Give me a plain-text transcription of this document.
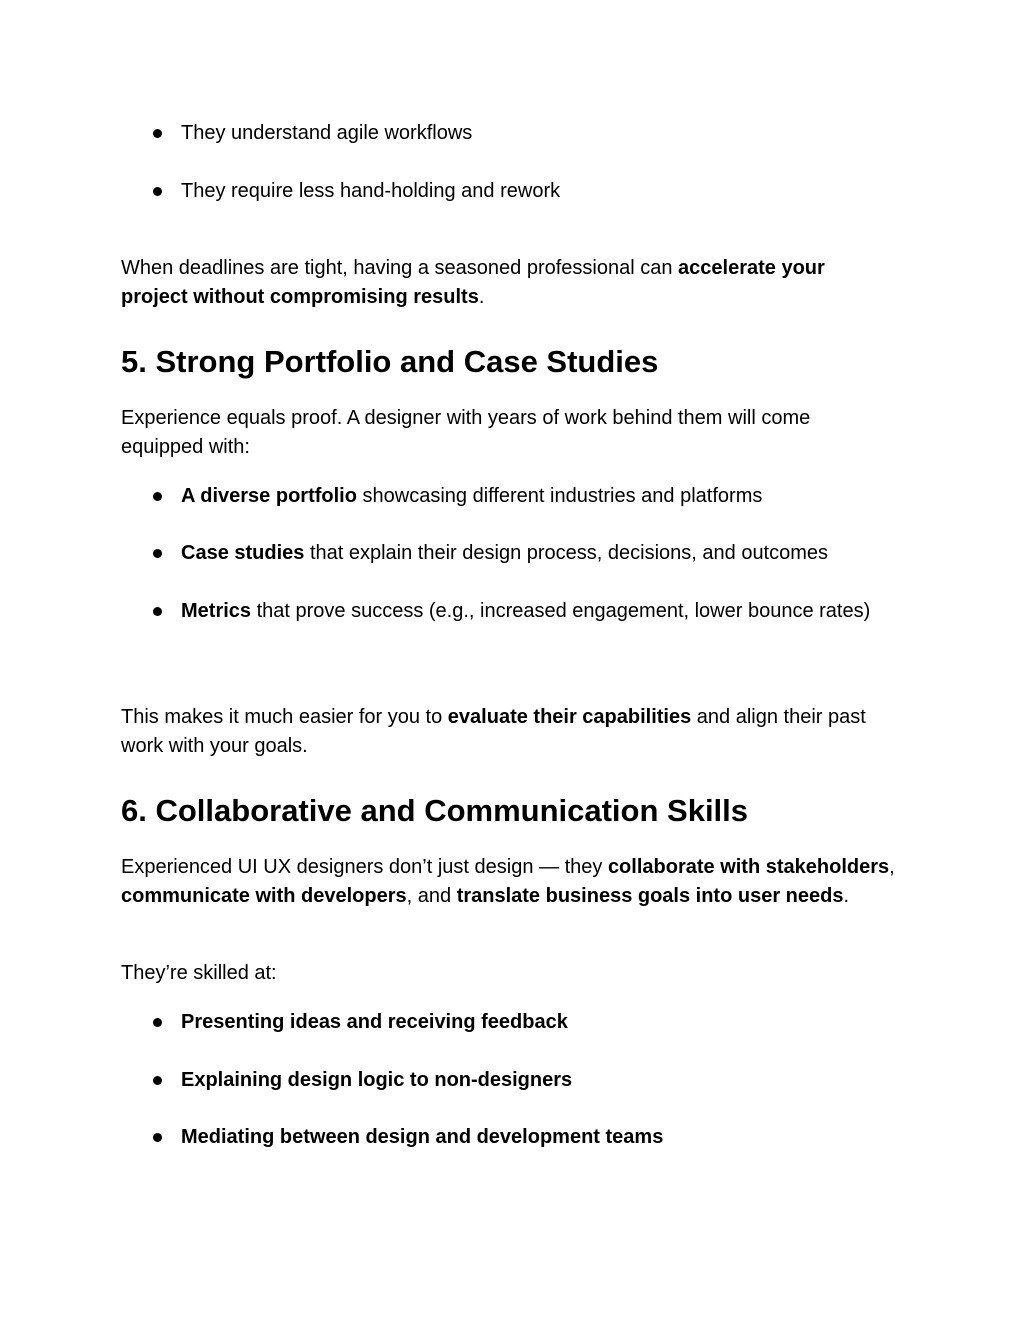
They understand agile workflows
They require less hand-holding and rework

When deadlines are tight, having a seasoned professional can accelerate your project without compromising results.

5. Strong Portfolio and Case Studies

Experience equals proof. A designer with years of work behind them will come equipped with:

A diverse portfolio showcasing different industries and platforms
Case studies that explain their design process, decisions, and outcomes
Metrics that prove success (e.g., increased engagement, lower bounce rates)

This makes it much easier for you to evaluate their capabilities and align their past work with your goals.

6. Collaborative and Communication Skills

Experienced UI UX designers don’t just design — they collaborate with stakeholders, communicate with developers, and translate business goals into user needs.

They’re skilled at:

Presenting ideas and receiving feedback
Explaining design logic to non-designers
Mediating between design and development teams
